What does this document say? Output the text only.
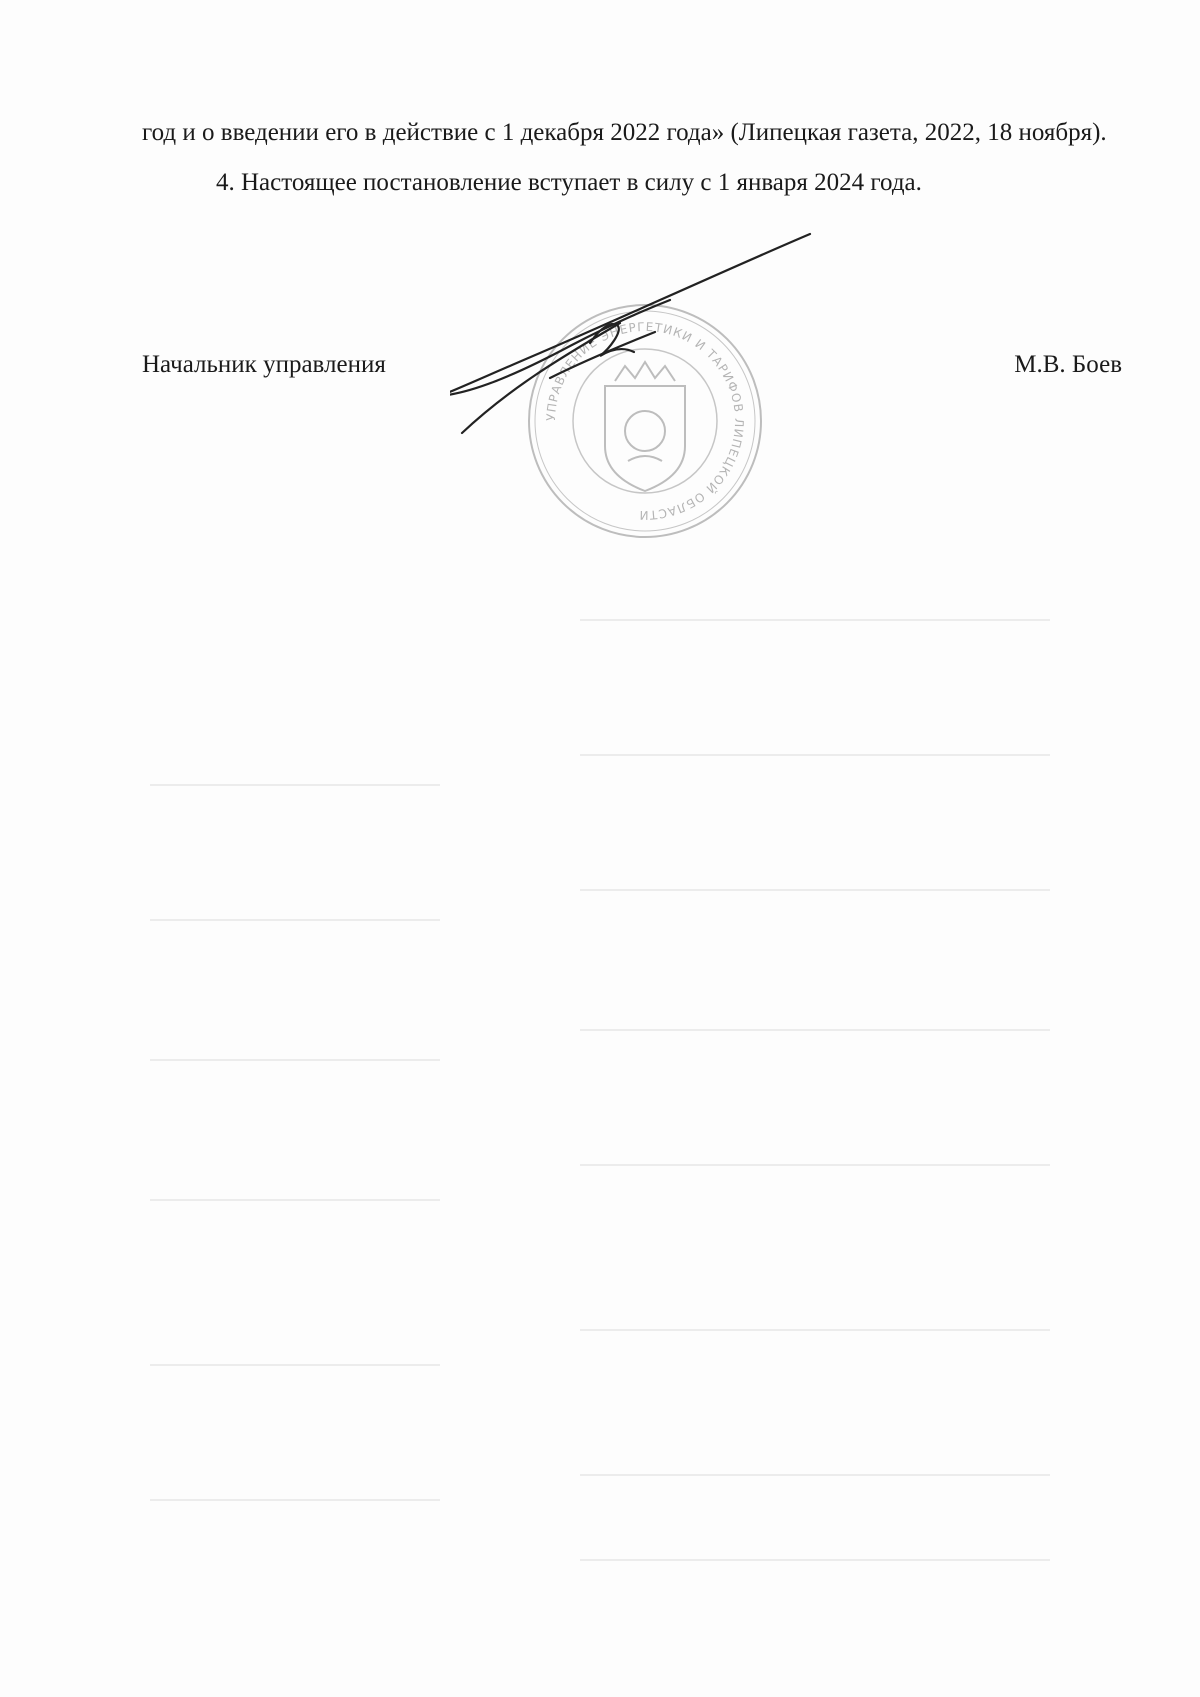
год и о введении его в действие с 1 декабря 2022 года» (Липецкая газета, 2022, 18 ноября).

4. Настоящее постановление вступает в силу с 1 января 2024 года.

Начальник управления	М.В. Боев
УПРАВЛЕНИЕ ЭНЕРГЕТИКИ И ТАРИФОВ ЛИПЕЦКОЙ ОБЛАСТИ
